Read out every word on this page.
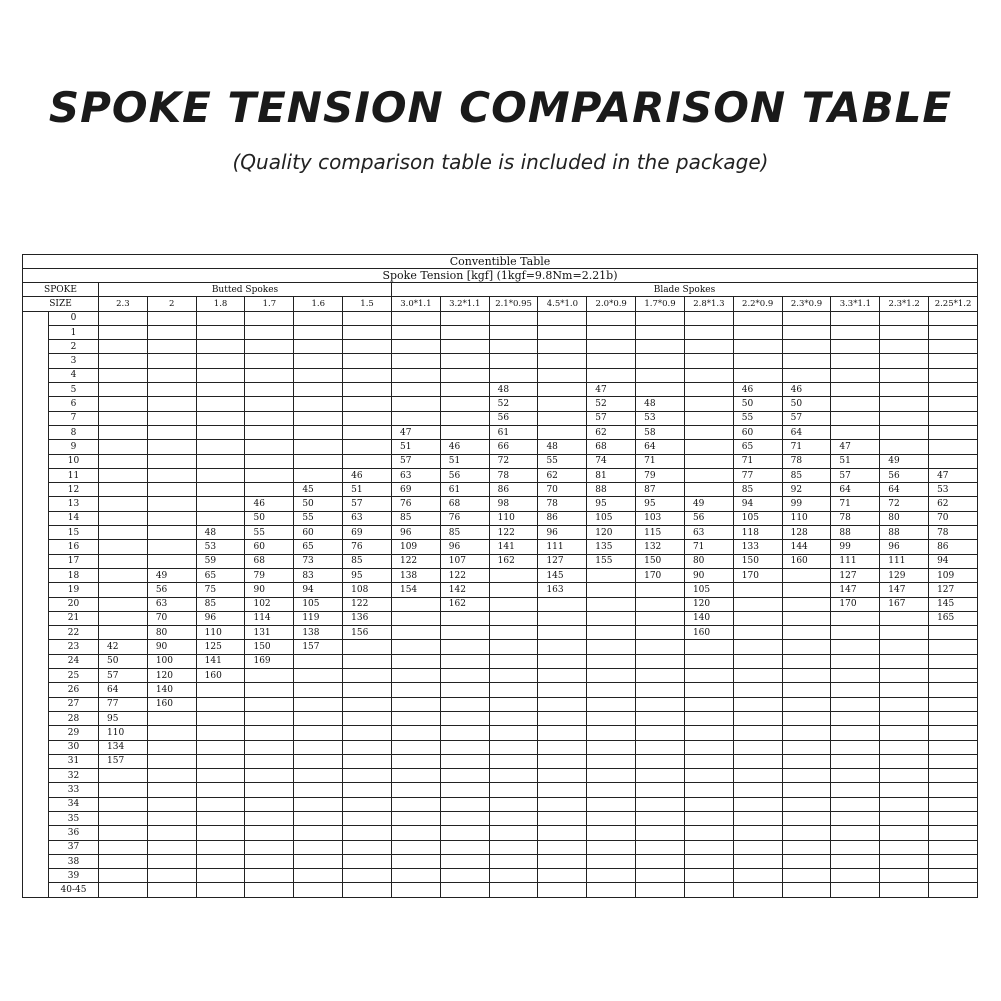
SPOKE TENSION COMPARISON TABLE

(Quality comparison table is included in the package)

Conventible Table																			
Spoke Tension [kgf] (1kgf=9.8Nm=2.21b)																			
SPOKE		Butted Spokes						Blade Spokes											
SIZE		2.3	2	1.8	1.7	1.6	1.5	3.0*1.1	3.2*1.1	2.1*0.95	4.5*1.0	2.0*0.9	1.7*0.9	2.8*1.3	2.2*0.9	2.3*0.9	3.3*1.1	2.3*1.2	2.25*1.2
	0																		
	1																		
	2																		
	3																		
	4																		
	5									48		47			46	46			
	6									52		52	48		50	50			
	7									56		57	53		55	57			
	8							47		61		62	58		60	64			
	9							51	46	66	48	68	64		65	71	47		
	10							57	51	72	55	74	71		71	78	51	49	
	11						46	63	56	78	62	81	79		77	85	57	56	47
	12					45	51	69	61	86	70	88	87		85	92	64	64	53
	13				46	50	57	76	68	98	78	95	95	49	94	99	71	72	62
	14				50	55	63	85	76	110	86	105	103	56	105	110	78	80	70
	15			48	55	60	69	96	85	122	96	120	115	63	118	128	88	88	78
	16			53	60	65	76	109	96	141	111	135	132	71	133	144	99	96	86
	17			59	68	73	85	122	107	162	127	155	150	80	150	160	111	111	94
	18		49	65	79	83	95	138	122		145		170	90	170		127	129	109
	19		56	75	90	94	108	154	142		163			105			147	147	127
	20		63	85	102	105	122		162					120			170	167	145
	21		70	96	114	119	136							140					165
	22		80	110	131	138	156							160					
	23	42	90	125	150	157													
	24	50	100	141	169														
	25	57	120	160															
	26	64	140																
	27	77	160																
	28	95																	
	29	110																	
	30	134																	
	31	157																	
	32																		
	33																		
	34																		
	35																		
	36																		
	37																		
	38																		
	39																		
	40-45																		
